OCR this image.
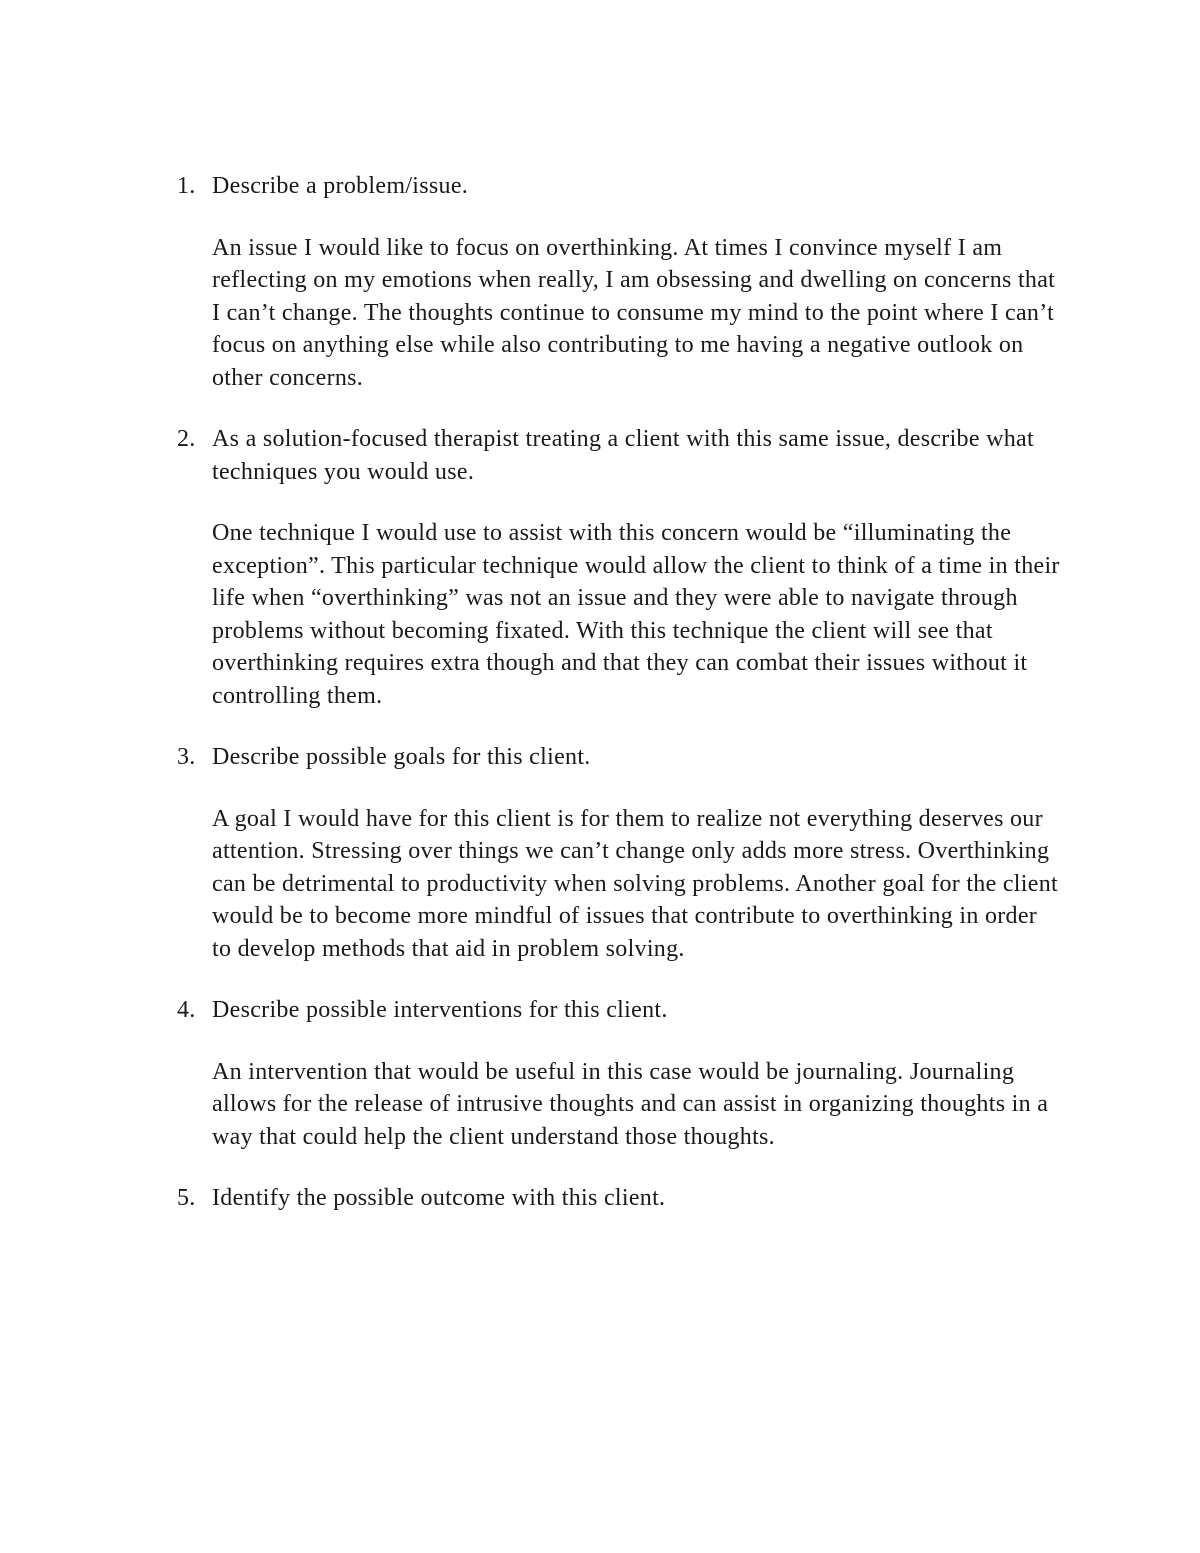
1. Describe a problem/issue.

An issue I would like to focus on overthinking. At times I convince myself I am reflecting on my emotions when really, I am obsessing and dwelling on concerns that I can’t change. The thoughts continue to consume my mind to the point where I can’t focus on anything else while also contributing to me having a negative outlook on other concerns.

2. As a solution-focused therapist treating a client with this same issue, describe what techniques you would use.

One technique I would use to assist with this concern would be “illuminating the exception”. This particular technique would allow the client to think of a time in their life when “overthinking” was not an issue and they were able to navigate through problems without becoming fixated. With this technique the client will see that overthinking requires extra though and that they can combat their issues without it controlling them.

3. Describe possible goals for this client.

A goal I would have for this client is for them to realize not everything deserves our attention. Stressing over things we can’t change only adds more stress. Overthinking can be detrimental to productivity when solving problems. Another goal for the client would be to become more mindful of issues that contribute to overthinking in order to develop methods that aid in problem solving.

4. Describe possible interventions for this client.

An intervention that would be useful in this case would be journaling. Journaling allows for the release of intrusive thoughts and can assist in organizing thoughts in a way that could help the client understand those thoughts.

5. Identify the possible outcome with this client.
